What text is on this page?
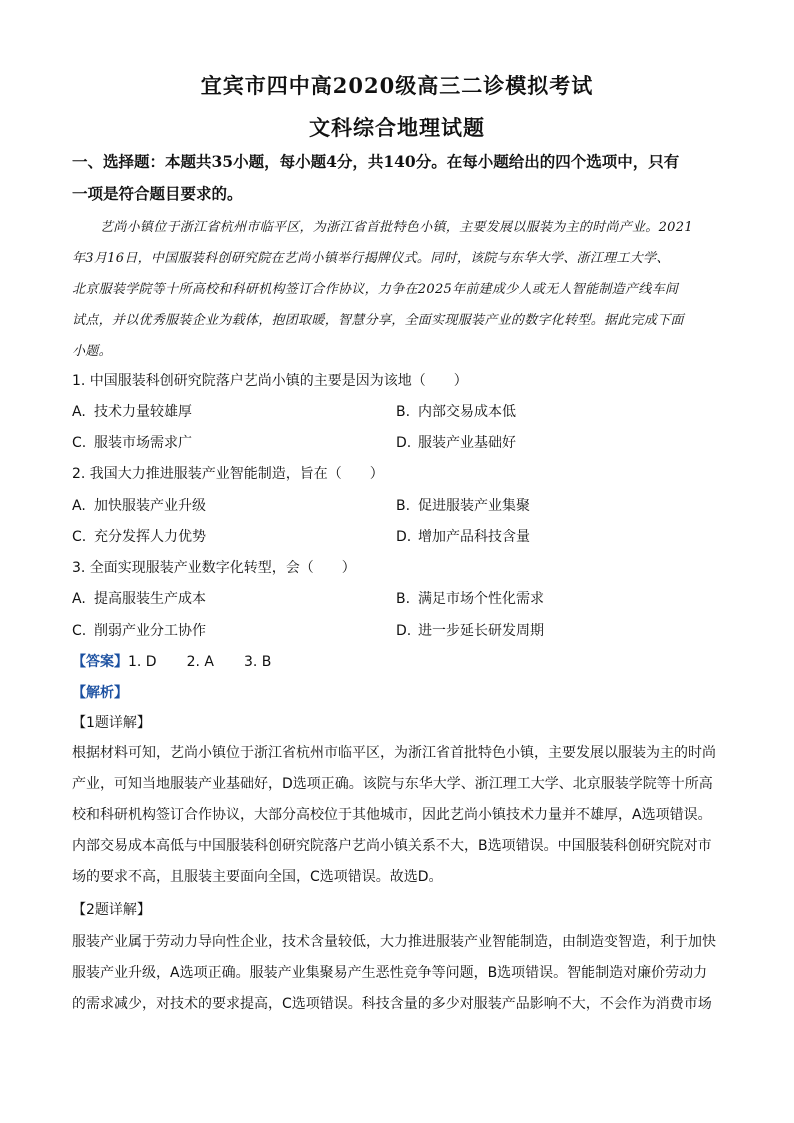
宜宾市四中高2020级高三二诊模拟考试
文科综合地理试题
一、选择题：本题共35小题，每小题4分，共140分。在每小题给出的四个选项中，只有
一项是符合题目要求的。
艺尚小镇位于浙江省杭州市临平区，为浙江省首批特色小镇，主要发展以服装为主的时尚产业。2021
年3月16日，中国服装科创研究院在艺尚小镇举行揭牌仪式。同时，该院与东华大学、浙江理工大学、
北京服装学院等十所高校和科研机构签订合作协议，力争在2025年前建成少人或无人智能制造产线车间
试点，并以优秀服装企业为载体，抱团取暖，智慧分享，全面实现服装产业的数字化转型。据此完成下面
小题。
1. 中国服装科创研究院落户艺尚小镇的主要是因为该地（　　）
A. 技术力量较雄厚	B. 内部交易成本低
C. 服装市场需求广	D. 服装产业基础好
2. 我国大力推进服装产业智能制造，旨在（　　）
A. 加快服装产业升级	B. 促进服装产业集聚
C. 充分发挥人力优势	D. 增加产品科技含量
3. 全面实现服装产业数字化转型，会（　　）
A. 提高服装生产成本	B. 满足市场个性化需求
C. 削弱产业分工协作	D. 进一步延长研发周期
【答案】1. D 2. A 3. B
【解析】
【1题详解】
根据材料可知，艺尚小镇位于浙江省杭州市临平区，为浙江省首批特色小镇，主要发展以服装为主的时尚
产业，可知当地服装产业基础好，D选项正确。该院与东华大学、浙江理工大学、北京服装学院等十所高
校和科研机构签订合作协议，大部分高校位于其他城市，因此艺尚小镇技术力量并不雄厚，A选项错误。
内部交易成本高低与中国服装科创研究院落户艺尚小镇关系不大，B选项错误。中国服装科创研究院对市
场的要求不高，且服装主要面向全国，C选项错误。故选D。
【2题详解】
服装产业属于劳动力导向性企业，技术含量较低，大力推进服装产业智能制造，由制造变智造，利于加快
服装产业升级，A选项正确。服装产业集聚易产生恶性竞争等问题，B选项错误。智能制造对廉价劳动力
的需求减少，对技术的要求提高，C选项错误。科技含量的多少对服装产品影响不大，不会作为消费市场
